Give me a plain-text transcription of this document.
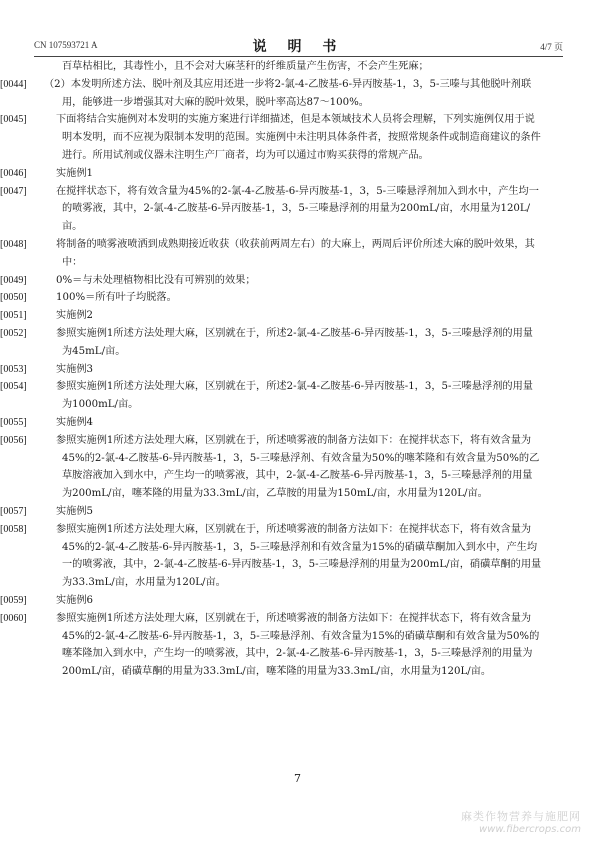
CN 107593721 A	说 明 书	4/7 页

百草枯相比，其毒性小，且不会对大麻茎秆的纤维质量产生伤害，不会产生死麻；

[0044] （2）本发明所述方法、脱叶剂及其应用还进一步将2-氯-4-乙胺基-6-异丙胺基-1，3，5-三嗪与其他脱叶剂联用，能够进一步增强其对大麻的脱叶效果，脱叶率高达87～100%。

[0045]	下面将结合实施例对本发明的实施方案进行详细描述，但是本领域技术人员将会理解，下列实施例仅用于说明本发明，而不应视为限制本发明的范围。实施例中未注明具体条件者，按照常规条件或制造商建议的条件进行。所用试剂或仪器未注明生产厂商者，均为可以通过市购买获得的常规产品。

[0046]	实施例1

[0047]	在搅拌状态下，将有效含量为45%的2-氯-4-乙胺基-6-异丙胺基-1，3，5-三嗪悬浮剂加入到水中，产生均一的喷雾液，其中，2-氯-4-乙胺基-6-异丙胺基-1，3，5-三嗪悬浮剂的用量为200mL/亩，水用量为120L/亩。

[0048]	将制备的喷雾液喷洒到成熟期接近收获（收获前两周左右）的大麻上，两周后评价所述大麻的脱叶效果，其中：

[0049]	0%＝与未处理植物相比没有可辨别的效果；

[0050]	100%＝所有叶子均脱落。

[0051]	实施例2

[0052]	参照实施例1所述方法处理大麻，区别就在于，所述2-氯-4-乙胺基-6-异丙胺基-1，3，5-三嗪悬浮剂的用量为45mL/亩。

[0053]	实施例3

[0054]	参照实施例1所述方法处理大麻，区别就在于，所述2-氯-4-乙胺基-6-异丙胺基-1，3，5-三嗪悬浮剂的用量为1000mL/亩。

[0055]	实施例4

[0056]	参照实施例1所述方法处理大麻，区别就在于，所述喷雾液的制备方法如下：在搅拌状态下，将有效含量为45%的2-氯-4-乙胺基-6-异丙胺基-1，3，5-三嗪悬浮剂、有效含量为50%的噻苯隆和有效含量为50%的乙草胺溶液加入到水中，产生均一的喷雾液，其中，2-氯-4-乙胺基-6-异丙胺基-1，3，5-三嗪悬浮剂的用量为200mL/亩，噻苯隆的用量为33.3mL/亩，乙草胺的用量为150mL/亩，水用量为120L/亩。

[0057]	实施例5

[0058]	参照实施例1所述方法处理大麻，区别就在于，所述喷雾液的制备方法如下：在搅拌状态下，将有效含量为45%的2-氯-4-乙胺基-6-异丙胺基-1，3，5-三嗪悬浮剂和有效含量为15%的硝磺草酮加入到水中，产生均一的喷雾液，其中，2-氯-4-乙胺基-6-异丙胺基-1，3，5-三嗪悬浮剂的用量为200mL/亩，硝磺草酮的用量为33.3mL/亩，水用量为120L/亩。

[0059]	实施例6

[0060]	参照实施例1所述方法处理大麻，区别就在于，所述喷雾液的制备方法如下：在搅拌状态下，将有效含量为45%的2-氯-4-乙胺基-6-异丙胺基-1，3，5-三嗪悬浮剂、有效含量为15%的硝磺草酮和有效含量为50%的噻苯隆加入到水中，产生均一的喷雾液，其中，2-氯-4-乙胺基-6-异丙胺基-1，3，5-三嗪悬浮剂的用量为200mL/亩，硝磺草酮的用量为33.3mL/亩，噻苯隆的用量为33.3mL/亩，水用量为120L/亩。

7
麻类作物营养与施肥网
www.fibercrops.com
